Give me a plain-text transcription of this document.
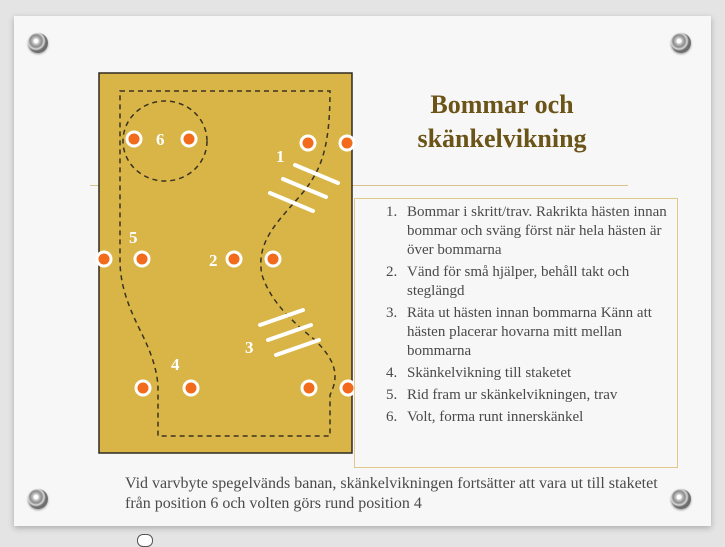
6
1
5
2
3
4
Bommar och
skänkelvikning
1. Bommar i skritt/trav. Rakrikta hästen innan bommar och sväng först när hela hästen är över bommarna
2. Vänd för små hjälper, behåll takt och steglängd
3. Räta ut hästen innan bommarna Känn att hästen placerar hovarna mitt mellan bommarna
4. Skänkelvikning till staketet
5. Rid fram ur skänkelvikningen, trav
6. Volt, forma runt innerskänkel
Vid varvbyte spegelvänds banan, skänkelvikningen fortsätter att vara ut till staketet från position 6 och volten görs rund position 4
